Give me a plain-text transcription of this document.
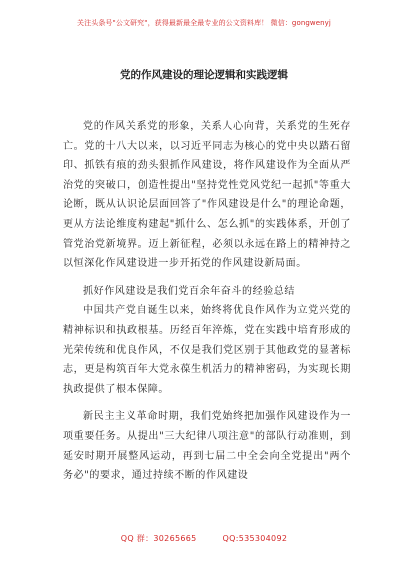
关注头条号"公文研究"，获得最新最全最专业的公文资料库！ 微信：gongwenyj
党的作风建设的理论逻辑和实践逻辑

党的作风关系党的形象，关系人心向背，关系党的生死存亡。党的十八大以来，以习近平同志为核心的党中央以踏石留印、抓铁有痕的劲头狠抓作风建设，将作风建设作为全面从严治党的突破口，创造性提出"坚持党性党风党纪一起抓"等重大论断，既从认识论层面回答了"作风建设是什么"的理论命题，更从方法论维度构建起"抓什么、怎么抓"的实践体系，开创了管党治党新境界。迈上新征程，必须以永远在路上的精神持之以恒深化作风建设进一步开拓党的作风建设新局面。

抓好作风建设是我们党百余年奋斗的经验总结

中国共产党自诞生以来，始终将优良作风作为立党兴党的精神标识和执政根基。历经百年淬炼，党在实践中培育形成的光荣传统和优良作风，不仅是我们党区别于其他政党的显著标志，更是构筑百年大党永葆生机活力的精神密码，为实现长期执政提供了根本保障。

新民主主义革命时期，我们党始终把加强作风建设作为一项重要任务。从提出"三大纪律八项注意"的部队行动准则，到延安时期开展整风运动，再到七届二中全会向全党提出"两个务必"的要求，通过持续不断的作风建设

QQ 群：30265665	QQ:535304092
